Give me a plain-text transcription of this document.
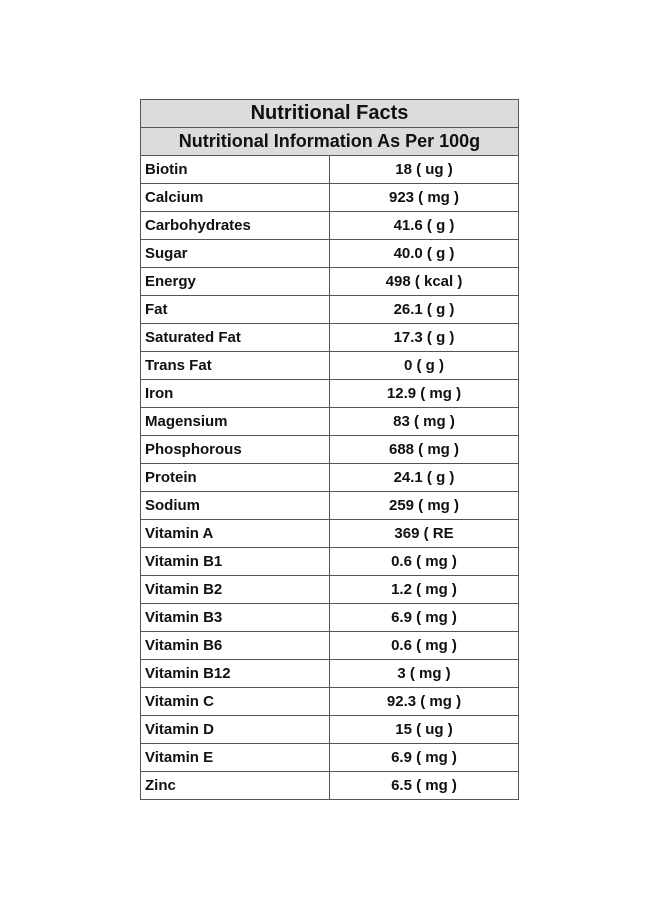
Nutritional Facts	
Nutritional Information As Per 100g	
Biotin	18 ( ug )
Calcium	923 ( mg )
Carbohydrates	41.6 ( g )
Sugar	40.0 ( g )
Energy	498 ( kcal )
Fat	26.1 ( g )
Saturated Fat	17.3 ( g )
Trans Fat	0 ( g )
Iron	12.9 ( mg )
Magensium	83 ( mg )
Phosphorous	688 ( mg )
Protein	24.1 ( g )
Sodium	259 ( mg )
Vitamin A	369 ( RE
Vitamin B1	0.6 ( mg )
Vitamin B2	1.2 ( mg )
Vitamin B3	6.9 ( mg )
Vitamin B6	0.6 ( mg )
Vitamin B12	3 ( mg )
Vitamin C	92.3 ( mg )
Vitamin D	15 ( ug )
Vitamin E	6.9 ( mg )
Zinc	6.5 ( mg )
